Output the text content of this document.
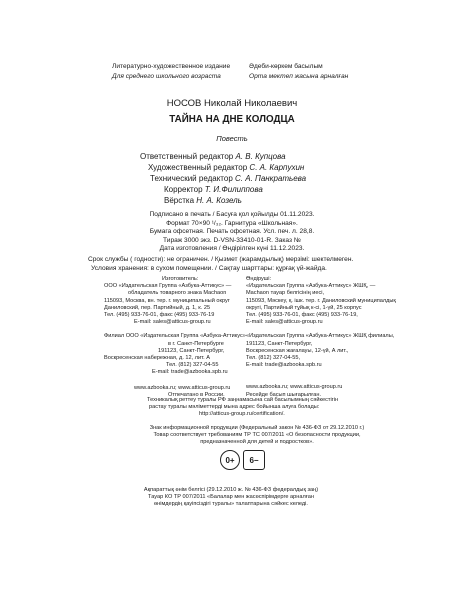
Литературно-художественное издание
Для среднего школьного возраста
Әдеби-көркем басылым
Орта мектеп жасына арналған
НОСОВ Николай Николаевич
ТАЙНА НА ДНЕ КОЛОДЦА
Повесть
Ответственный редактор А. В. Купцова
Художественный редактор С. А. Карпухин
Технический редактор С. А. Панкратьева
Корректор Т. И.Филиппова
Вёрстка Н. А. Козель
Подписано в печать / Басуға қол қойылды 01.11.2023.
Формат 70×90 ¹/₃₂. Гарнитура «Школьная».
Бумага офсетная. Печать офсетная. Усл. печ. л. 28,8.
Тираж 3000 экз. D-VSN-33410-01-R. Заказ №
Дата изготовления / Өндірілген күні 11.12.2023.
Срок службы ( годности): не ограничен. / Қызмет (жарамдылық) мерзімі: шектелмеген.
Условия хранения: в сухом помещении. / Сақтау шарттары: құрғақ үй-жайда.
Изготовитель:
ООО «Издательская Группа «Азбука-Аттикус» —
обладатель товарного знака Machaon
115093, Москва, вн. тер. г. муниципальный округ
Даниловский, пер. Партийный, д. 1, к. 25
Тел. (495) 933-76-01, факс (495) 933-76-19
E-mail: sales@atticus-group.ru
Филиал ООО «Издательская Группа «Азбука-Аттикус»
в г. Санкт-Петербурге
191123, Санкт-Петербург,
Воскресенская набережная, д. 12, лит. А
Тел. (812) 327-04-55
E-mail: trade@azbooka.spb.ru
www.azbooka.ru; www.atticus-group.ru
Отпечатано в России.
Өндіруші:
«Издательская Группа «Азбука-Аттикус» ЖШҚ, —
Machaon тауар белгісінің иесі,
115093, Мәскеу, қ. ішк. тер. г. Даниловский муниципалдық
округі, Партийный тұйық к-сі, 1-үй, 25 корпус
Тел. (495) 933-76-01, факс (495) 933-76-19,
E-mail: sales@atticus-group.ru
«Издательская Группа «Азбука-Аттикус» ЖШҚ филиалы,
191123, Санкт-Петербург,
Воскресенская жағалауы, 12-үй, А лит.,
Тел. (812) 327-04-55,
E-mail: trade@azbooka.spb.ru
www.azbooka.ru; www.atticus-group.ru
Ресейде басып шығарылған.
Техникалық реттеу туралы РФ заңнамасына сай басылымның сәйкестігін
растау туралы мәліметтерді мына адрес бойынша алуға болады:
http://atticus-group.ru/certification/.
Знак информационной продукции (Федеральный закон № 436-ФЗ от 29.12.2010 г.)
Товар соответствует требованиям ТР ТС 007/2011 «О безопасности продукции,
предназначенной для детей и подростков».
0+ 6−
Ақпараттық өнім белгісі (29.12.2010 ж. № 436-ФЗ федералдық заң)
Тауар КО ТР 007/2011 «Балалар мен жасөспірімдерге арналған
өнімдердің қауіпсіздігі туралы» талаптарына сәйкес келеді.
